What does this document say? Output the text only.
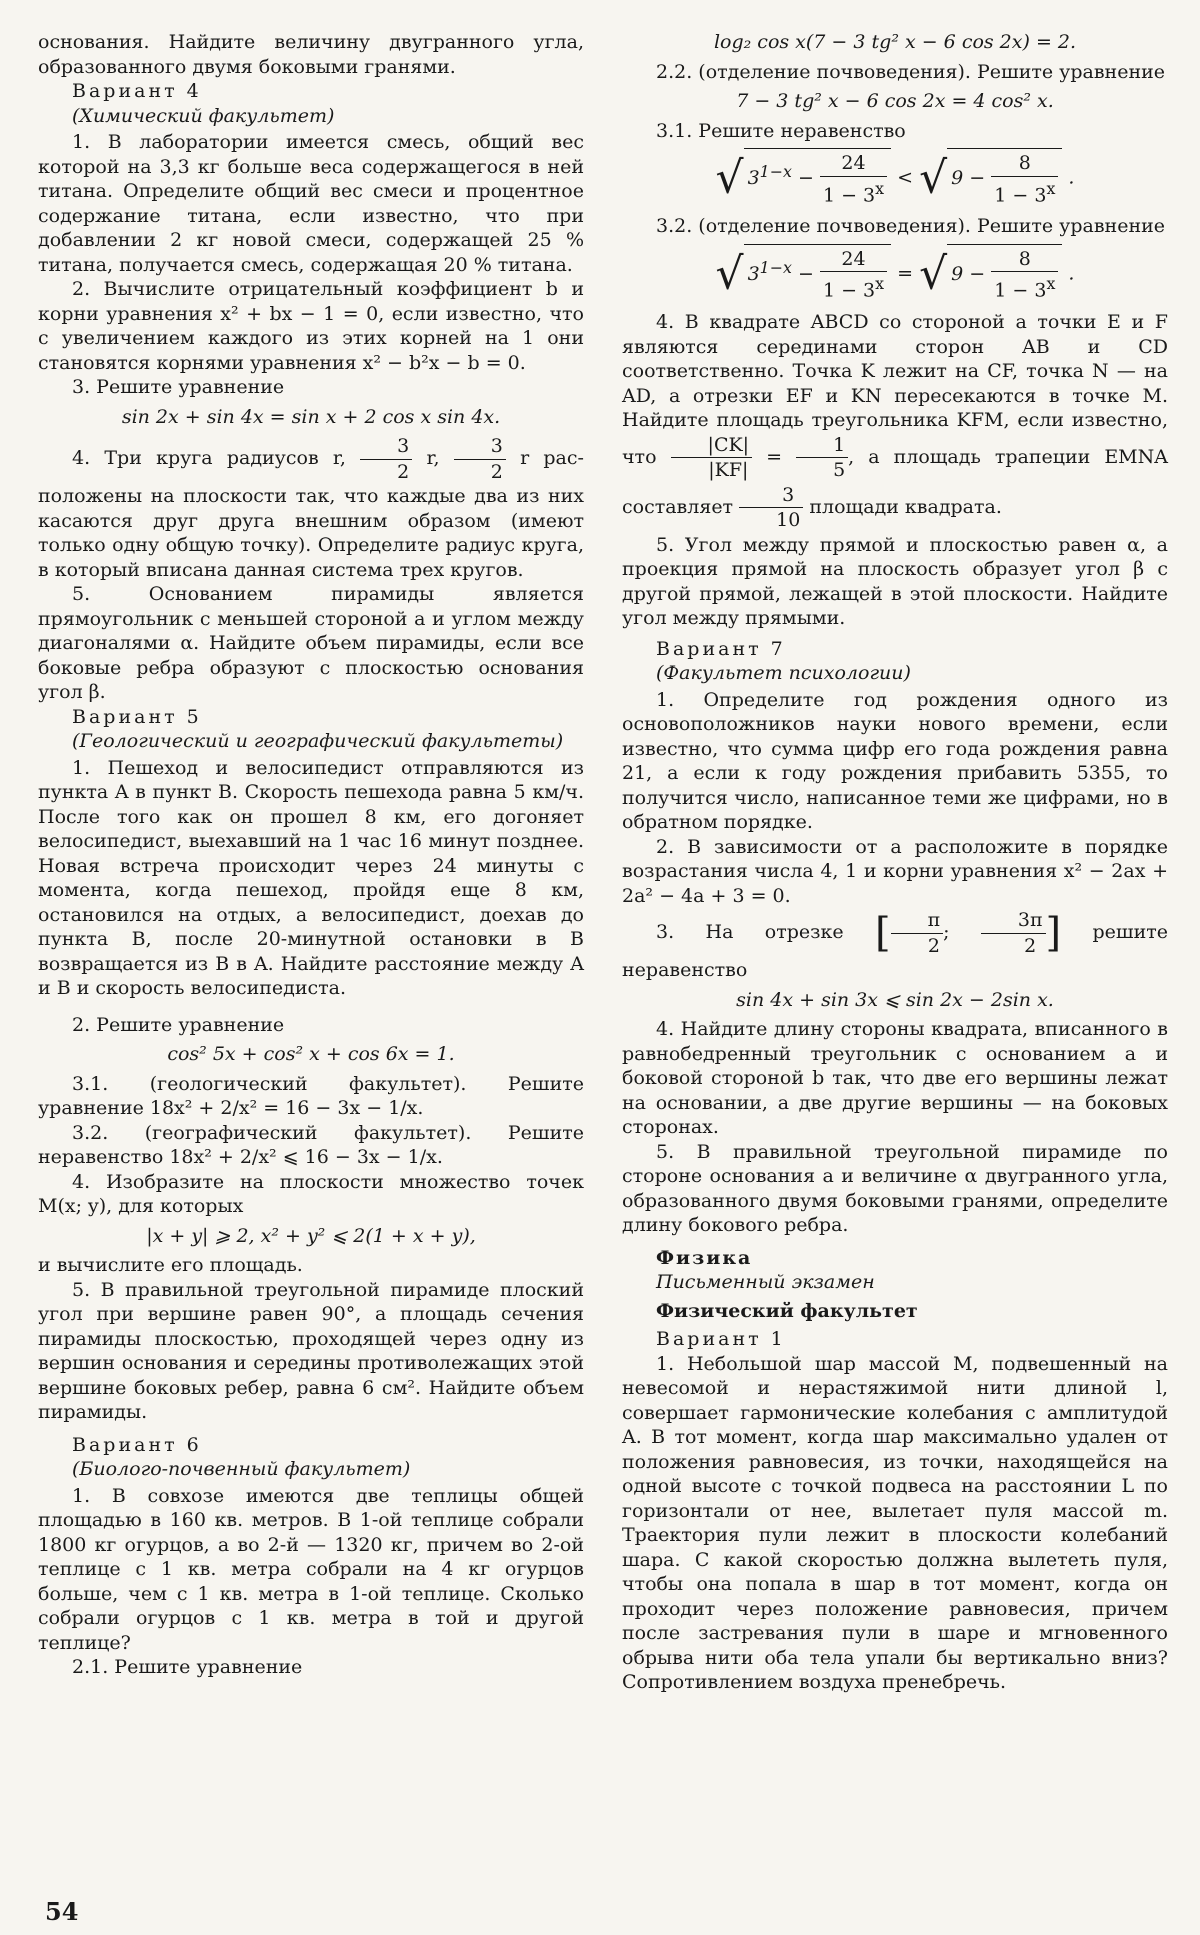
основания. Найдите величину двугранного угла, образованного двумя боковыми гранями.

Вариант 4

(Химический факультет)

1. В лаборатории имеется смесь, общий вес которой на 3,3 кг больше веса содержащегося в ней титана. Определите общий вес смеси и процентное содержание титана, если известно, что при добавлении 2 кг новой смеси, содержащей 25 % титана, получается смесь, содержащая 20 % титана.

2. Вычислите отрицательный коэффициент b и корни уравнения x² + bx − 1 = 0, если известно, что с увеличением каждого из этих корней на 1 они становятся корнями уравнения x² − b²x − b = 0.

3. Решите уравнение

sin 2x + sin 4x = sin x + 2 cos x sin 4x.

4. Три круга радиусов r, $\frac{3}{2} r$, $\frac{3}{2}$ r рас- положены на плоскости так, что каждые два из них касаются друг друга внешним образом (имеют только одну общую точку). Определите радиус круга, в который вписана данная система трех кругов.

5. Основанием пирамиды является прямоугольник с меньшей стороной a и углом между диагоналями α. Найдите объем пирамиды, если все боковые ребра образуют с плоскостью основания угол β.

Вариант 5

(Геологический и географический факультеты)

1. Пешеход и велосипедист отправляются из пункта A в пункт B. Скорость пешехода равна 5 км/ч. После того как он прошел 8 км, его догоняет велосипедист, выехавший на 1 час 16 минут позднее. Новая встреча происходит через 24 минуты с момента, когда пешеход, пройдя еще 8 км, остановился на отдых, а велосипедист, доехав до пункта B, после 20-минутной остановки в B возвращается из B в A. Найдите расстояние между A и B и скорость велосипедиста.

2. Решите уравнение

cos² 5x + cos² x + cos 6x = 1.

3.1. (геологический факультет). Решите уравнение 18x² + 2/x² = 16 − 3x − 1/x.

3.2. (географический факультет). Решите неравенство 18x² + 2/x² ⩽ 16 − 3x − 1/x.

4. Изобразите на плоскости множество точек M(x; y), для которых

|x + y| ⩾ 2, x² + y² ⩽ 2(1 + x + y),

и вычислите его площадь.

5. В правильной треугольной пирамиде плоский угол при вершине равен 90°, а площадь сечения пирамиды плоскостью, проходящей через одну из вершин основания и середины противолежащих этой вершине боковых ребер, равна 6 см². Найдите объем пирамиды.

Вариант 6

(Биолого-почвенный факультет)

1. В совхозе имеются две теплицы общей площадью в 160 кв. метров. В 1-ой теплице собрали 1800 кг огурцов, а во 2-й — 1320 кг, причем во 2-ой теплице с 1 кв. метра собрали на 4 кг огурцов больше, чем с 1 кв. метра в 1-ой теплице. Сколько собрали огурцов с 1 кв. метра в той и другой теплице?

2.1. Решите уравнение

log₂ cos x(7 − 3 tg² x − 6 cos 2x) = 2.

2.2. (отделение почвоведения). Решите уравнение

7 − 3 tg² x − 6 cos 2x = 4 cos² x.

3.1. Решите неравенство

√ $3^{1-x} - \frac{24}{1 - 3^x}$ < √ $9 - \frac{8}{1 - 3^x}$ .

3.2. (отделение почвоведения). Решите уравнение

√ $3^{1-x} - \frac{24}{1 - 3^x}$ = √ $9 - \frac{8}{1 - 3^x}$ .

4. В квадрате ABCD со стороной a точки E и F являются серединами сторон AB и CD соответственно. Точка K лежит на CF, точка N — на AD, а отрезки EF и KN пересекаются в точке M. Найдите площадь треугольника KFM, если известно, что $\frac{|CK|}{|KF|} = \frac{1}{5}$ , а площадь трапеции EMNA составляет $\frac{3}{10}$ площади квадрата.

5. Угол между прямой и плоскостью равен α, а проекция прямой на плоскость образует угол β с другой прямой, лежащей в этой плоскости. Найдите угол между прямыми.

Вариант 7

(Факультет психологии)

1. Определите год рождения одного из основоположников науки нового времени, если известно, что сумма цифр его года рождения равна 21, а если к году рождения прибавить 5355, то получится число, написанное теми же цифрами, но в обратном порядке.

2. В зависимости от a расположите в порядке возрастания числа 4, 1 и корни уравнения x² − 2ax + 2a² − 4a + 3 = 0.

3. На отрезке [ $\frac{\pi}{2}$ ; $\frac{3\pi}{2}$ ] решите неравенство

sin 4x + sin 3x ⩽ sin 2x − 2sin x.

4. Найдите длину стороны квадрата, вписанного в равнобедренный треугольник с основанием a и боковой стороной b так, что две его вершины лежат на основании, а две другие вершины — на боковых сторонах.

5. В правильной треугольной пирамиде по стороне основания a и величине α двугранного угла, образованного двумя боковыми гранями, определите длину бокового ребра.

Физика

Письменный экзамен

Физический факультет

Вариант 1

1. Небольшой шар массой M, подвешенный на невесомой и нерастяжимой нити длиной l, совершает гармонические колебания с амплитудой A. В тот момент, когда шар максимально удален от положения равновесия, из точки, находящейся на одной высоте с точкой подвеса на расстоянии L по горизонтали от нее, вылетает пуля массой m. Траектория пули лежит в плоскости колебаний шара. С какой скоростью должна вылететь пуля, чтобы она попала в шар в тот момент, когда он проходит через положение равновесия, причем после застревания пули в шаре и мгновенного обрыва нити оба тела упали бы вертикально вниз? Сопротивлением воздуха пренебречь.

54
